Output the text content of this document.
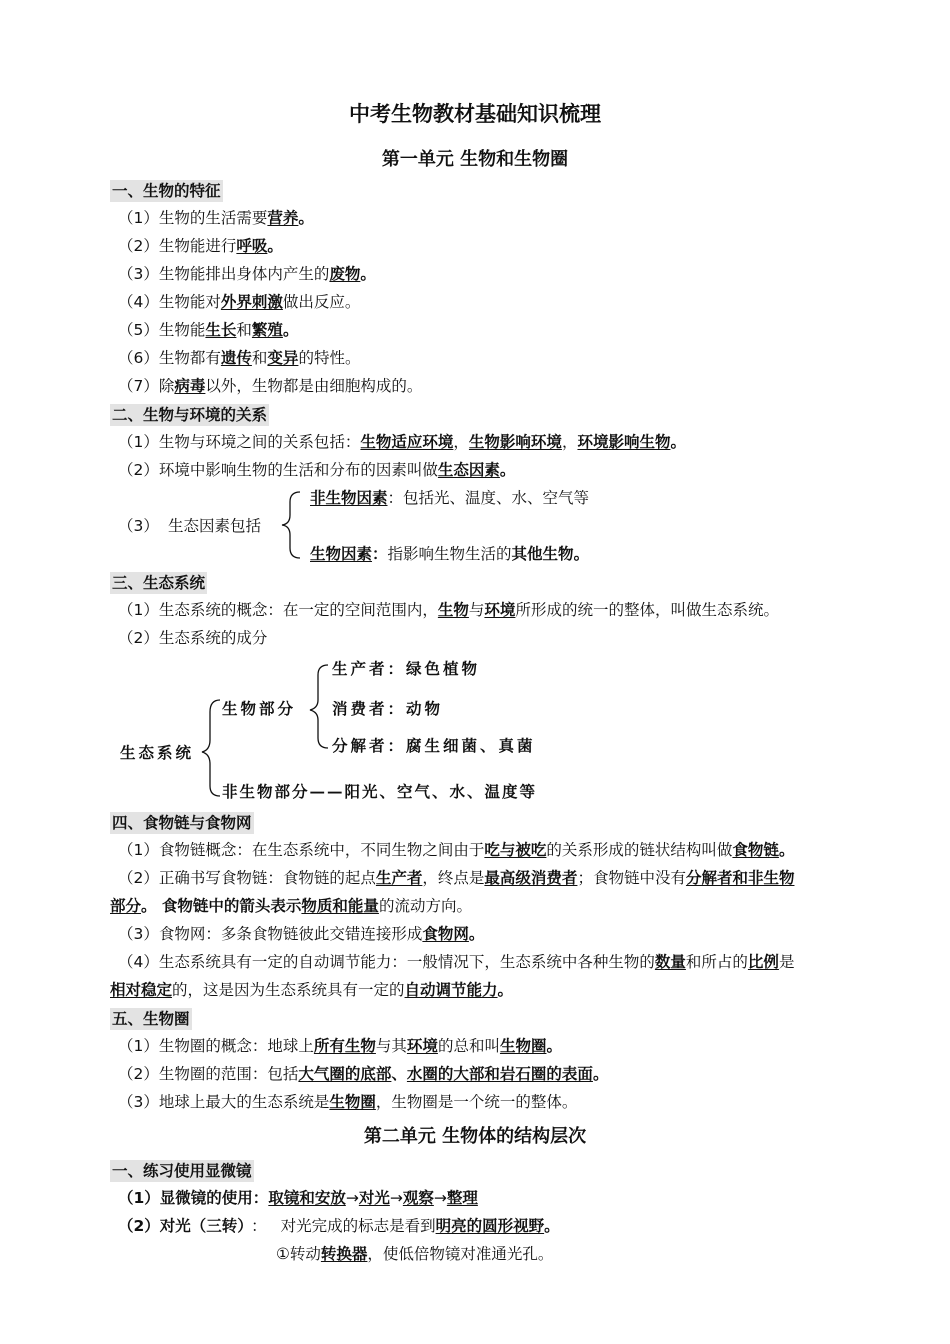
中考生物教材基础知识梳理
第一单元 生物和生物圈
一、生物的特征
（1）生物的生活需要营养。
（2）生物能进行呼吸。
（3）生物能排出身体内产生的废物。
（4）生物能对外界刺激做出反应。
（5）生物能生长和繁殖。
（6）生物都有遗传和变异的特性。
（7）除病毒以外，生物都是由细胞构成的。
二、生物与环境的关系
（1）生物与环境之间的关系包括：生物适应环境，生物影响环境，环境影响生物。
（2）环境中影响生物的生活和分布的因素叫做生态因素。
（3） 生态因素包括
非生物因素：包括光、温度、水、空气等
生物因素：指影响生物生活的其他生物。
三、生态系统
（1）生态系统的概念：在一定的空间范围内，生物与环境所形成的统一的整体，叫做生态系统。
（2）生态系统的成分
生态系统
生物部分
生产者：绿色植物
消费者：动物
分解者：腐生细菌、真菌
非生物部分——阳光、空气、水、温度等
四、食物链与食物网
（1）食物链概念：在生态系统中，不同生物之间由于吃与被吃的关系形成的链状结构叫做食物链。
（2）正确书写食物链：食物链的起点生产者，终点是最高级消费者；食物链中没有分解者和非生物
部分。 食物链中的箭头表示物质和能量的流动方向。
（3）食物网：多条食物链彼此交错连接形成食物网。
（4）生态系统具有一定的自动调节能力：一般情况下，生态系统中各种生物的数量和所占的比例是
相对稳定的，这是因为生态系统具有一定的自动调节能力。
五、生物圈
（1）生物圈的概念：地球上所有生物与其环境的总和叫生物圈。
（2）生物圈的范围：包括大气圈的底部、水圈的大部和岩石圈的表面。
（3）地球上最大的生态系统是生物圈，生物圈是一个统一的整体。
第二单元 生物体的结构层次
一、练习使用显微镜
（1）显微镜的使用：取镜和安放→对光→观察→整理
（2）对光（三转） ： 对光完成的标志是看到明亮的圆形视野。
①转动转换器，使低倍物镜对准通光孔。
